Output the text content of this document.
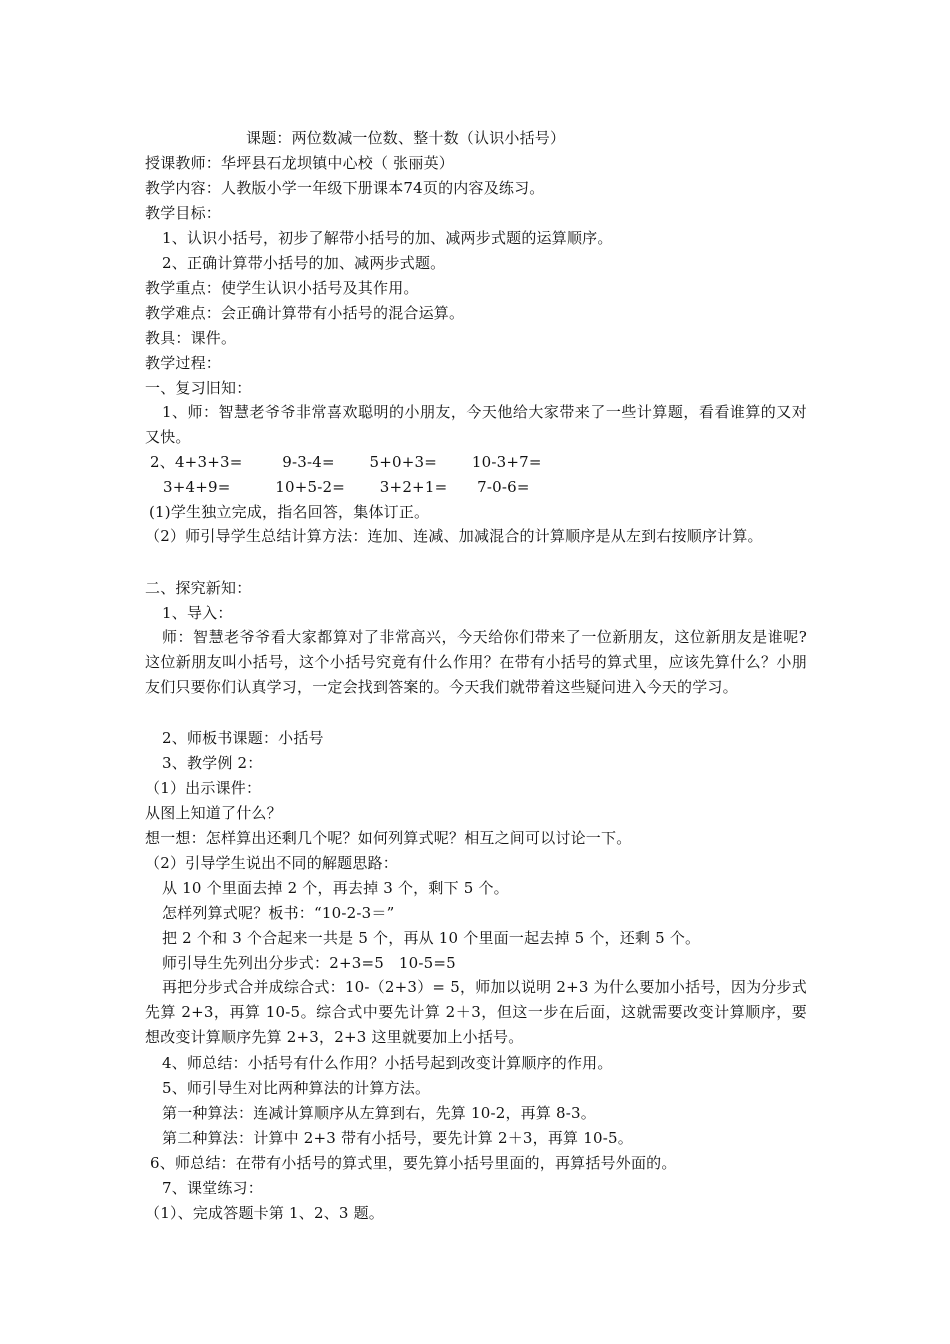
课题：两位数减一位数、整十数（认识小括号）
授课教师：华坪县石龙坝镇中心校（ 张丽英）
教学内容：人教版小学一年级下册课本74页的内容及练习。
教学目标：
1、认识小括号，初步了解带小括号的加、减两步式题的运算顺序。
2、正确计算带小括号的加、减两步式题。
教学重点：使学生认识小括号及其作用。
教学难点：会正确计算带有小括号的混合运算。
教具：课件。
教学过程：
一、复习旧知：
1、师：智慧老爷爷非常喜欢聪明的小朋友，今天他给大家带来了一些计算题，看看谁算的又对又快。
2、4+3+3=        9-3-4=       5+0+3=       10-3+7=
3+4+9=         10+5-2=       3+2+1=      7-0-6=
(1)学生独立完成，指名回答，集体订正。
（2）师引导学生总结计算方法：连加、连减、加减混合的计算顺序是从左到右按顺序计算。
二、探究新知：
1、导入：
师：智慧老爷爷看大家都算对了非常高兴，今天给你们带来了一位新朋友，这位新朋友是谁呢?这位新朋友叫小括号，这个小括号究竟有什么作用？在带有小括号的算式里，应该先算什么？小朋友们只要你们认真学习，一定会找到答案的。今天我们就带着这些疑问进入今天的学习。
2、师板书课题：小括号
3、教学例 2：
（1）出示课件：
从图上知道了什么？
想一想：怎样算出还剩几个呢？如何列算式呢？相互之间可以讨论一下。
（2）引导学生说出不同的解题思路：
从 10 个里面去掉 2 个，再去掉 3 个，剩下 5 个。
怎样列算式呢？板书：“10-2-3＝”
把 2 个和 3 个合起来一共是 5 个，再从 10 个里面一起去掉 5 个，还剩 5 个。
师引导生先列出分步式：2+3=5   10-5=5
再把分步式合并成综合式：10-（2+3）= 5，师加以说明 2+3 为什么要加小括号，因为分步式先算 2+3，再算 10-5。综合式中要先计算 2＋3，但这一步在后面，这就需要改变计算顺序，要想改变计算顺序先算 2+3，2+3 这里就要加上小括号。
4、师总结：小括号有什么作用？小括号起到改变计算顺序的作用。
5、师引导生对比两种算法的计算方法。
第一种算法：连减计算顺序从左算到右，先算 10-2，再算 8-3。
第二种算法：计算中 2+3 带有小括号，要先计算 2＋3，再算 10-5。
6、师总结：在带有小括号的算式里，要先算小括号里面的，再算括号外面的。
7、课堂练习：
（1）、完成答题卡第 1、2、3 题。
